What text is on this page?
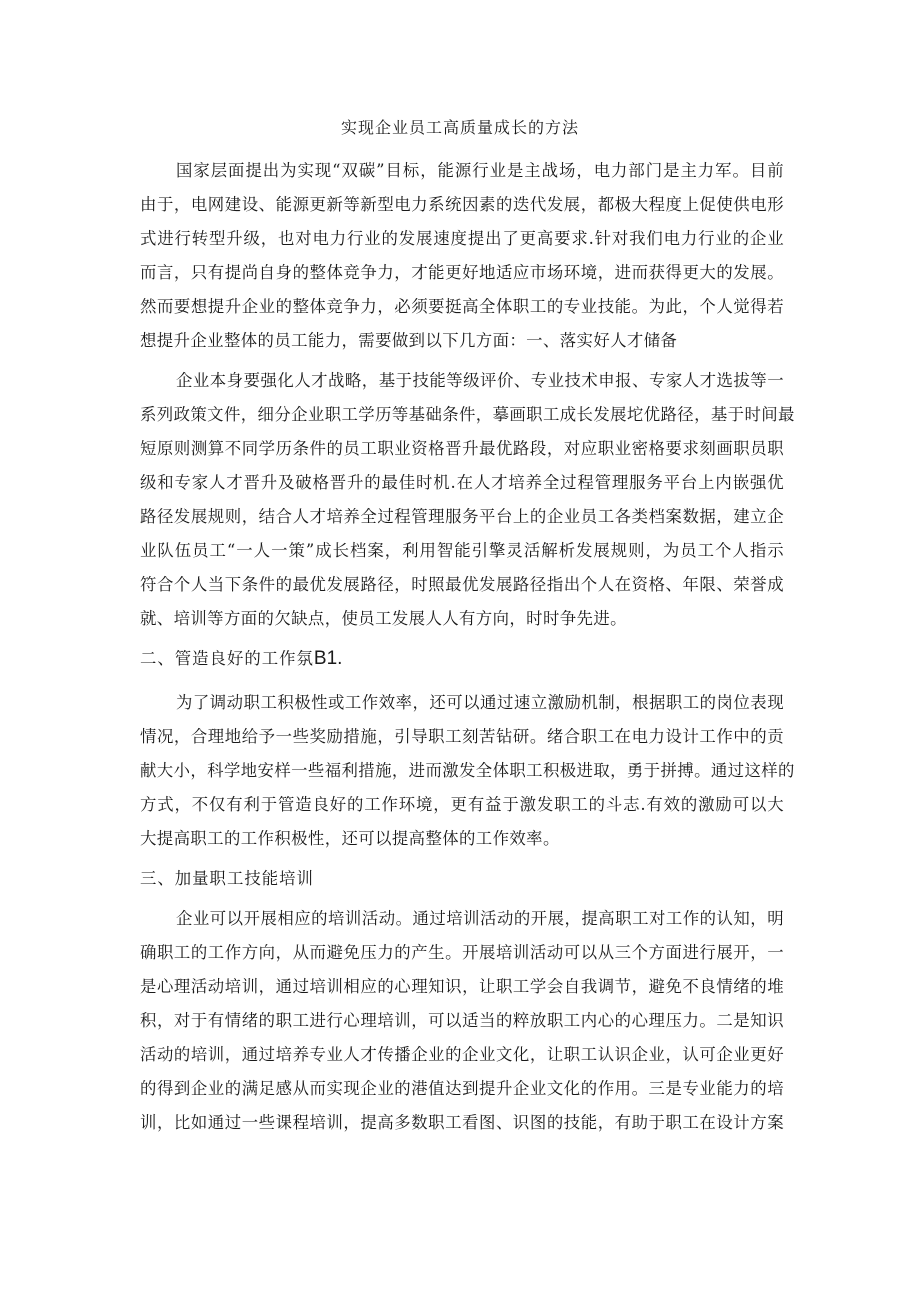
实现企业员工高质量成长的方法
国家层面提出为实现“双碳”目标，能源行业是主战场，电力部门是主力军。目前
由于，电网建设、能源更新等新型电力系统因素的迭代发展，都极大程度上促使供电形
式进行转型升级，也对电力行业的发展速度提出了更高要求.针对我们电力行业的企业
而言，只有提尚自身的整体竞争力，才能更好地适应市场环境，进而获得更大的发展。
然而要想提升企业的整体竞争力，必须要挺高全体职工的专业技能。为此，个人觉得若
想提升企业整体的员工能力，需要做到以下几方面：一、落实好人才储备
企业本身要强化人才战略，基于技能等级评价、专业技术申报、专家人才选拔等一
系列政策文件，细分企业职工学历等基础条件，摹画职工成长发展坨优路径，基于时间最
短原则测算不同学历条件的员工职业资格晋升最优路段，对应职业密格要求刻画职员职
级和专家人才晋升及破格晋升的最佳时机.在人才培养全过程管理服务平台上内嵌强优
路径发展规则，结合人才培养全过程管理服务平台上的企业员工各类档案数据，建立企
业队伍员工“一人一策”成长档案，利用智能引擎灵活解析发展规则，为员工个人指示
符合个人当下条件的最优发展路径，时照最优发展路径指出个人在资格、年限、荣誉成
就、培训等方面的欠缺点，使员工发展人人有方向，时时争先进。
二、管造良好的工作氛B1.
为了调动职工积极性或工作效率，还可以通过速立激励机制，根据职工的岗位表现
情况，合理地给予一些奖励措施，引导职工刻苦钻研。绪合职工在电力设计工作中的贡
献大小，科学地安样一些福利措施，进而激发全体职工积极进取，勇于拼搏。通过这样的
方式，不仅有利于管造良好的工作环境，更有益于激发职工的斗志.有效的激励可以大
大提高职工的工作积极性，还可以提高整体的工作效率。
三、加量职工技能培训
企业可以开展相应的培训活动。通过培训活动的开展，提高职工对工作的认知，明
确职工的工作方向，从而避免压力的产生。开展培训活动可以从三个方面进行展开，一
是心理活动培训，通过培训相应的心理知识，让职工学会自我调节，避免不良情绪的堆
积，对于有情绪的职工进行心理培训，可以适当的粹放职工内心的心理压力。二是知识
活动的培训，通过培养专业人才传播企业的企业文化，让职工认识企业，认可企业更好
的得到企业的满足感从而实现企业的港值达到提升企业文化的作用。三是专业能力的培
训，比如通过一些课程培训，提高多数职工看图、识图的技能，有助于职工在设计方案
